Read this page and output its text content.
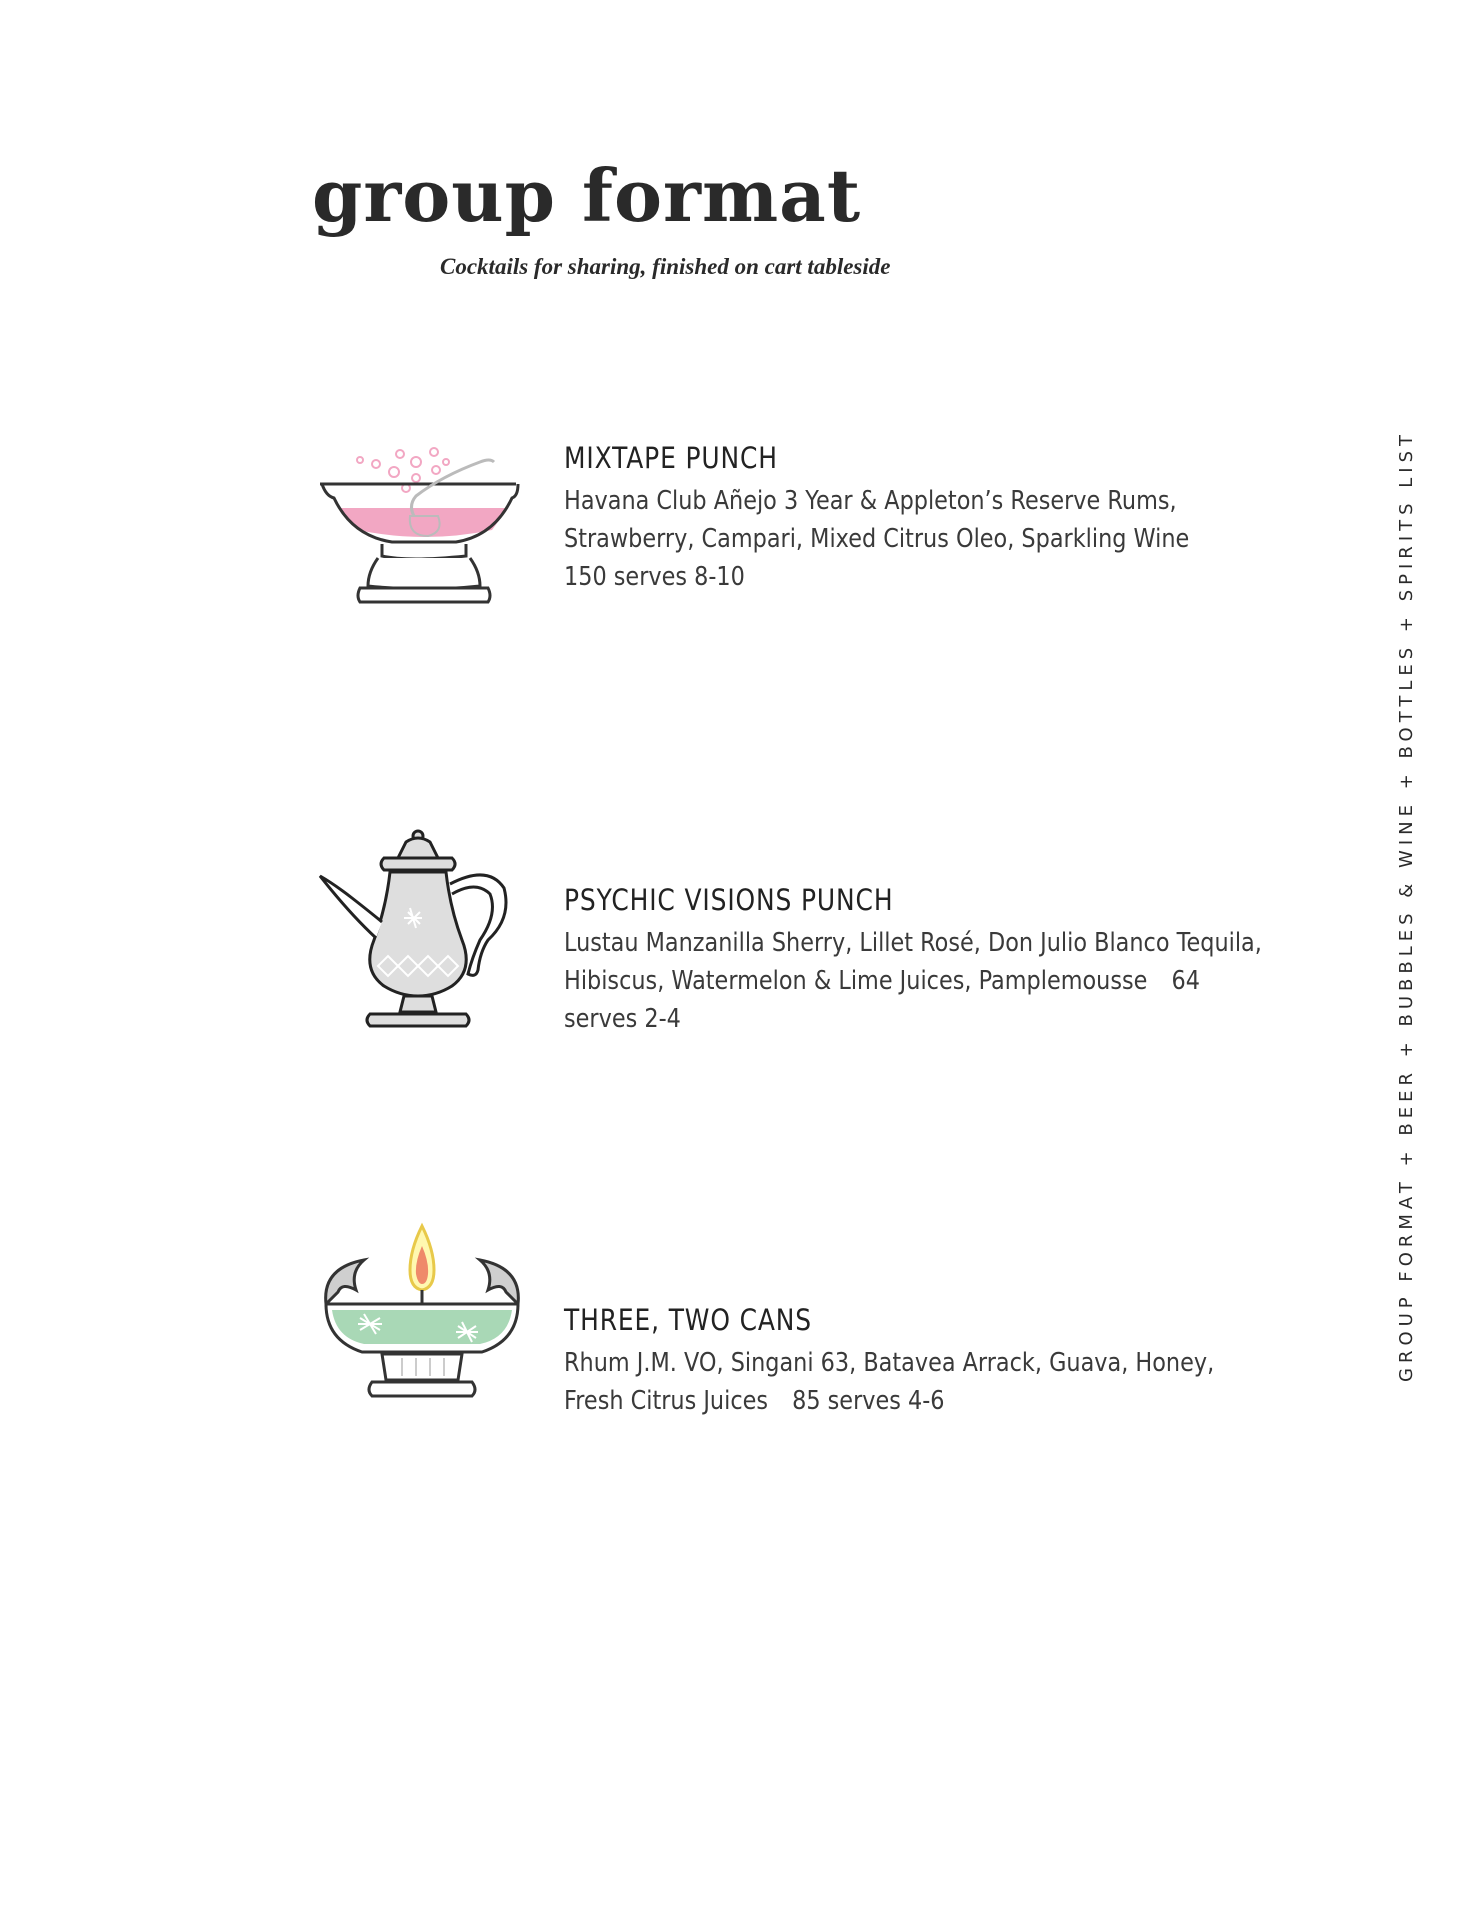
group format

Cocktails for sharing, finished on cart tableside

MIXTAPE PUNCH

Havana Club Añejo 3 Year & Appleton’s Reserve Rums,
Strawberry, Campari, Mixed Citrus Oleo, Sparkling Wine
150 serves 8-10

PSYCHIC VISIONS PUNCH

Lustau Manzanilla Sherry, Lillet Rosé, Don Julio Blanco Tequila,
Hibiscus, Watermelon & Lime Juices, Pamplemousse 64
serves 2-4

THREE, TWO CANS

Rhum J.M. VO, Singani 63, Batavea Arrack, Guava, Honey,
Fresh Citrus Juices 85 serves 4-6

GROUP FORMAT + BEER + BUBBLES & WINE + BOTTLES + SPIRITS LIST
